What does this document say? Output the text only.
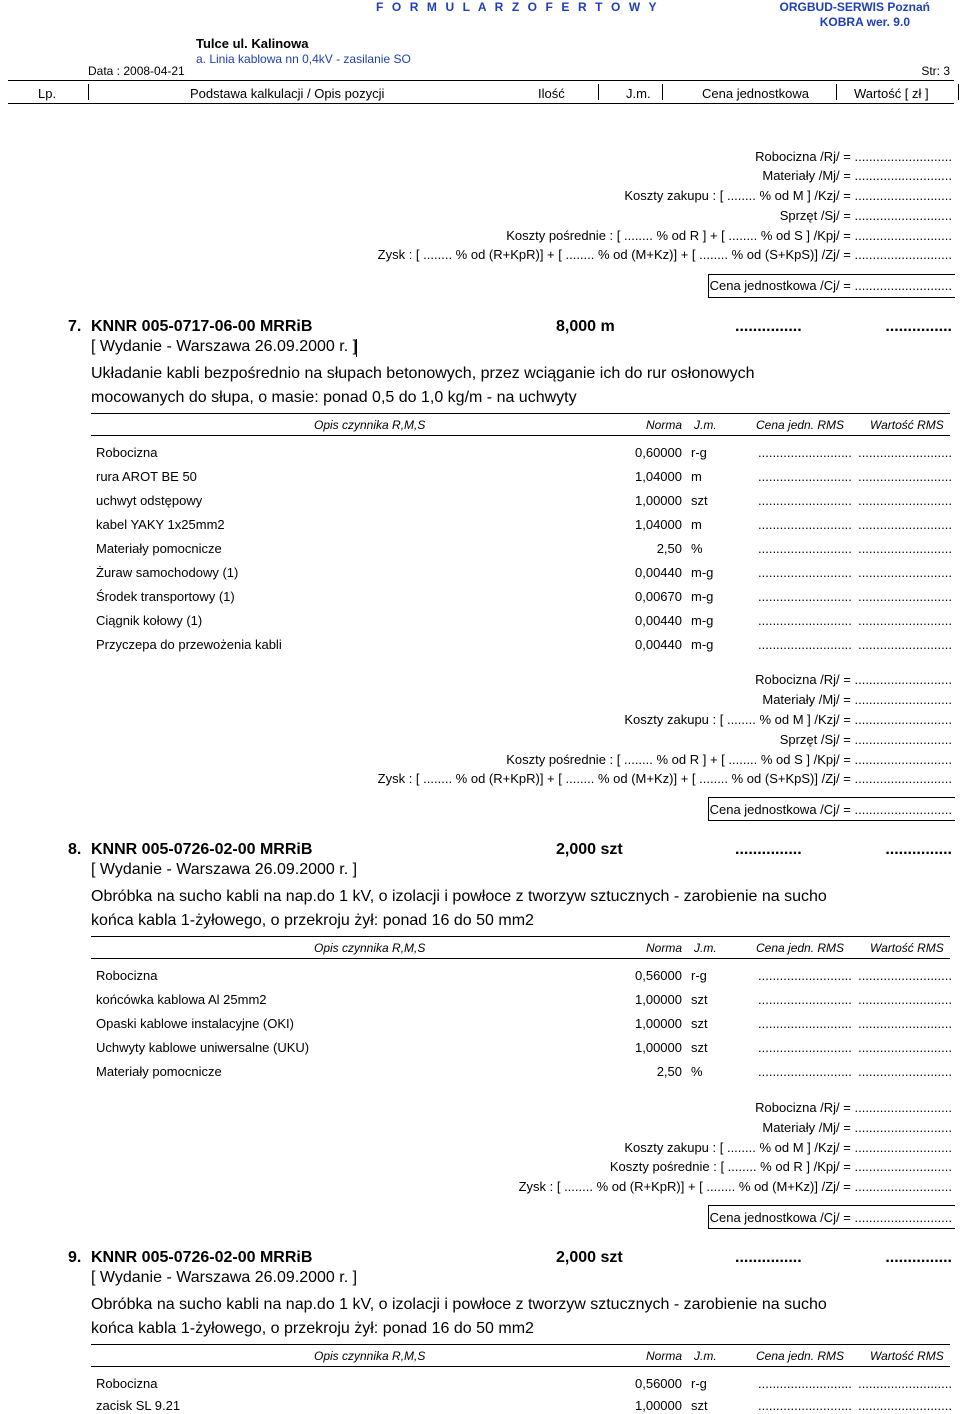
F O R M U L A R Z O F E R T O W Y	ORGBUD-SERWIS Poznań
KOBRA wer. 9.0
Tulce ul. Kalinowa
a. Linia kablowa nn 0,4kV - zasilanie SO
Data : 2008-04-21	Str: 3
Lp.	Podstawa kalkulacji / Opis pozycji	Ilość	J.m.	Cena jednostkowa	Wartość [ zł ]
Robocizna /Rj/ = ...........................
Materiały /Mj/ = ...........................
Koszty zakupu : [ ........ % od M ] /Kzj/ = ...........................
Sprzęt /Sj/ = ...........................
Koszty pośrednie : [ ........ % od R ] + [ ........ % od S ] /Kpj/ = ...........................
Zysk : [ ........ % od (R+KpR)] + [ ........ % od (M+Kz)] + [ ........ % od (S+KpS)] /Zj/ = ...........................
Cena jednostkowa /Cj/ = ...........................
7. KNNR 005-0717-06-00 MRRiB	8,000 m	...............	...............
[ Wydanie - Warszawa 26.09.2000 r. ]
Układanie kabli bezpośrednio na słupach betonowych, przez wciąganie ich do rur osłonowych mocowanych do słupa, o masie: ponad 0,5 do 1,0 kg/m - na uchwyty
Opis czynnika R,M,S	Norma J.m.	Cena jedn. RMS Wartość RMS
Robocizna	0,60000 r-g	.......................... ..........................
rura AROT BE 50	1,04000 m	.......................... ..........................
uchwyt odstępowy	1,00000 szt	.......................... ..........................
kabel YAKY 1x25mm2	1,04000 m	.......................... ..........................
Materiały pomocnicze	2,50 %	.......................... ..........................
Żuraw samochodowy (1)	0,00440 m-g	.......................... ..........................
Środek transportowy (1)	0,00670 m-g	.......................... ..........................
Ciągnik kołowy (1)	0,00440 m-g	.......................... ..........................
Przyczepa do przewożenia kabli	0,00440 m-g	.......................... ..........................
Robocizna /Rj/ = ...........................
Materiały /Mj/ = ...........................
Koszty zakupu : [ ........ % od M ] /Kzj/ = ...........................
Sprzęt /Sj/ = ...........................
Koszty pośrednie : [ ........ % od R ] + [ ........ % od S ] /Kpj/ = ...........................
Zysk : [ ........ % od (R+KpR)] + [ ........ % od (M+Kz)] + [ ........ % od (S+KpS)] /Zj/ = ...........................
Cena jednostkowa /Cj/ = ...........................
8. KNNR 005-0726-02-00 MRRiB	2,000 szt	...............	...............
[ Wydanie - Warszawa 26.09.2000 r. ]
Obróbka na sucho kabli na nap.do 1 kV, o izolacji i powłoce z tworzyw sztucznych - zarobienie na sucho końca kabla 1-żyłowego, o przekroju żył: ponad 16 do 50 mm2
Opis czynnika R,M,S	Norma J.m.	Cena jedn. RMS Wartość RMS
Robocizna	0,56000 r-g	.......................... ..........................
końcówka kablowa Al 25mm2	1,00000 szt	.......................... ..........................
Opaski kablowe instalacyjne (OKI)	1,00000 szt	.......................... ..........................
Uchwyty kablowe uniwersalne (UKU)	1,00000 szt	.......................... ..........................
Materiały pomocnicze	2,50 %	.......................... ..........................
Robocizna /Rj/ = ...........................
Materiały /Mj/ = ...........................
Koszty zakupu : [ ........ % od M ] /Kzj/ = ...........................
Koszty pośrednie : [ ........ % od R ] /Kpj/ = ...........................
Zysk : [ ........ % od (R+KpR)] + [ ........ % od (M+Kz)] /Zj/ = ...........................
Cena jednostkowa /Cj/ = ...........................
9. KNNR 005-0726-02-00 MRRiB	2,000 szt	...............	...............
[ Wydanie - Warszawa 26.09.2000 r. ]
Obróbka na sucho kabli na nap.do 1 kV, o izolacji i powłoce z tworzyw sztucznych - zarobienie na sucho końca kabla 1-żyłowego, o przekroju żył: ponad 16 do 50 mm2
Opis czynnika R,M,S	Norma J.m.	Cena jedn. RMS Wartość RMS
Robocizna	0,56000 r-g	.......................... ..........................
zacisk SL 9.21	1,00000 szt	.......................... ..........................
